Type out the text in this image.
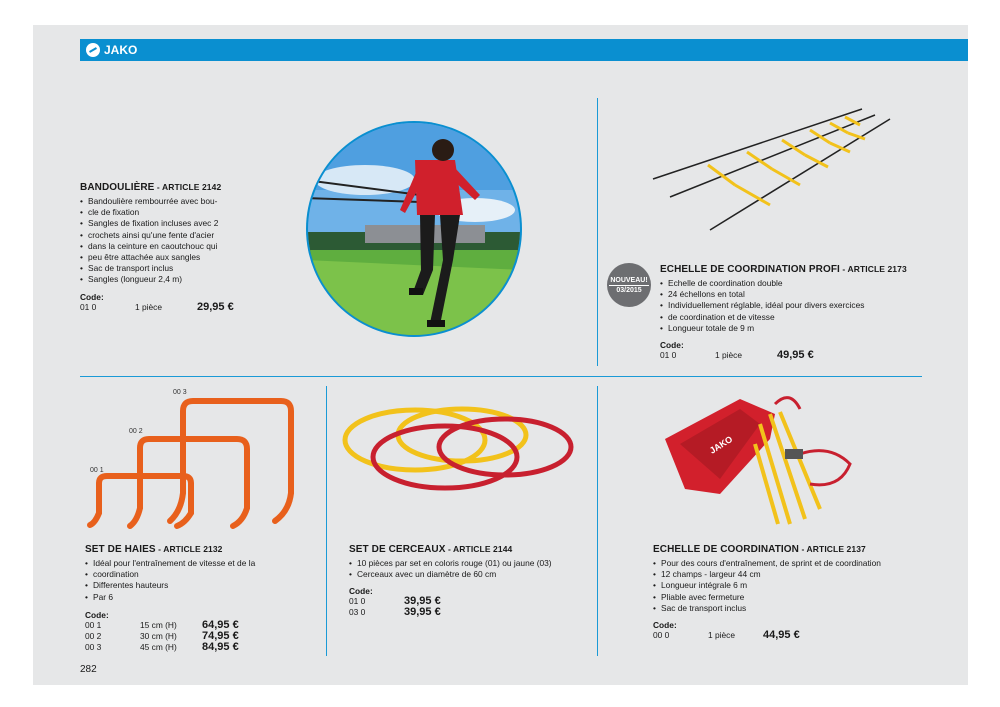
JAKO
BANDOULIÈRE - ARTICLE 2142
• Bandoulière rembourrée avec bou-
• cle de fixation
• Sangles de fixation incluses avec 2
• crochets ainsi qu'une fente d'acier
• dans la ceinture en caoutchouc qui
• peu être attachée aux sangles
• Sac de transport inclus
• Sangles (longueur 2,4 m)
Code:
01 0	1 pièce	29,95 €
NOUVEAU!
03/2015
ECHELLE DE COORDINATION PROFI - ARTICLE 2173
• Echelle de coordination double
• 24 échellons en total
• Individuellement réglable, idéal pour divers exercices
• de coordination et de vitesse
• Longueur totale de 9 m
Code:
01 0	1 pièce	49,95 €
00 3
00 2
00 1
SET DE HAIES - ARTICLE 2132
• Idéal pour l'entraînement de vitesse et de la
• coordination
• Differentes hauteurs
• Par 6
Code:
00 1	15 cm (H)	64,95 €
00 2	30 cm (H)	74,95 €
00 3	45 cm (H)	84,95 €
SET DE CERCEAUX - ARTICLE 2144
• 10 pièces par set en coloris rouge (01) ou jaune (03)
• Cerceaux avec un diamètre de 60 cm
Code:
01 0	39,95 €
03 0	39,95 €
JAKO
ECHELLE DE COORDINATION - ARTICLE 2137
• Pour des cours d'entraînement, de sprint et de coordination
• 12 champs - largeur 44 cm
• Longueur intégrale 6 m
• Pliable avec fermeture
• Sac de transport inclus
Code:
00 0	1 pièce	44,95 €
282
